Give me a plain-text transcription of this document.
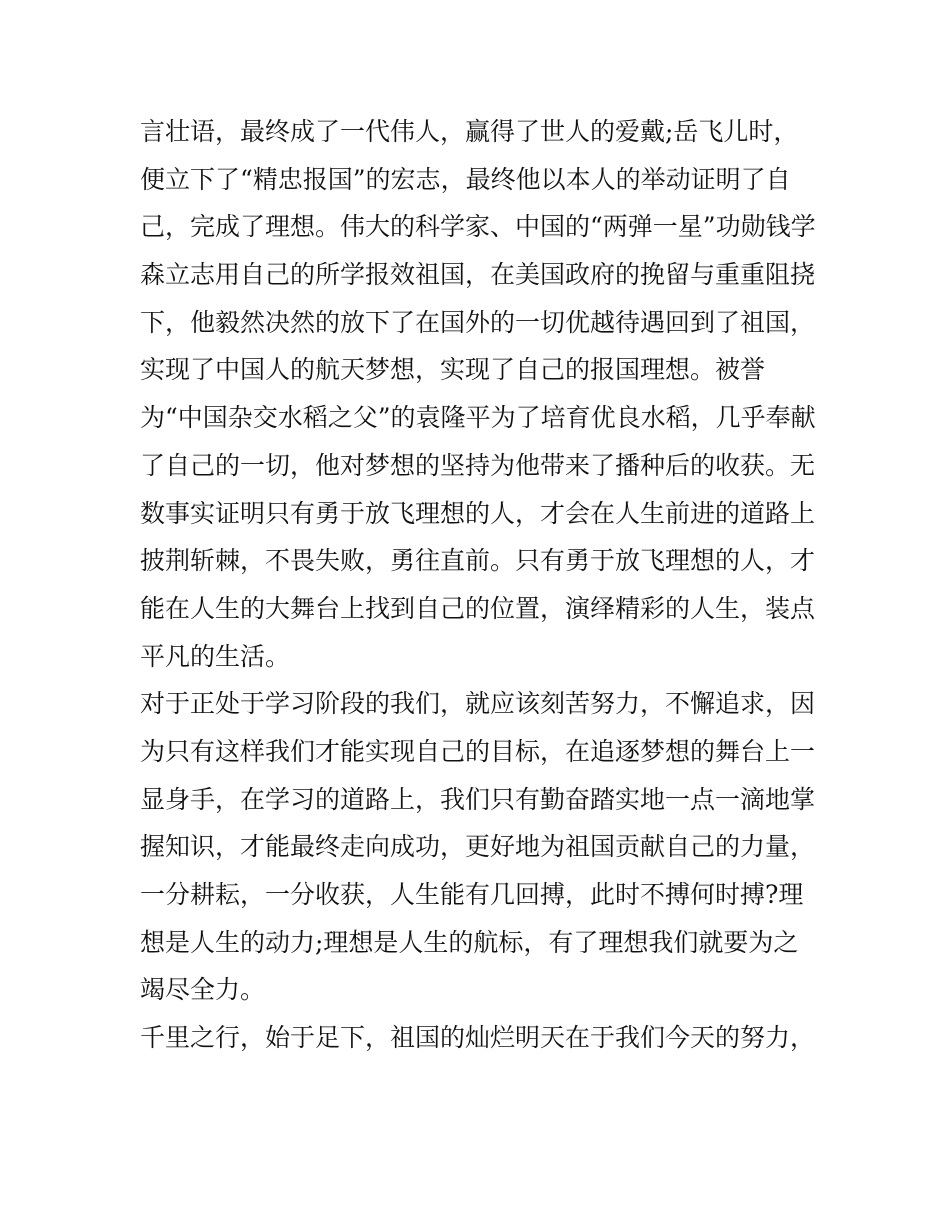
言壮语，最终成了一代伟人，赢得了世人的爱戴;岳飞儿时，
便立下了“精忠报国”的宏志，最终他以本人的举动证明了自
己，完成了理想。伟大的科学家、中国的“两弹一星”功勋钱学
森立志用自己的所学报效祖国，在美国政府的挽留与重重阻挠
下，他毅然决然的放下了在国外的一切优越待遇回到了祖国，
实现了中国人的航天梦想，实现了自己的报国理想。被誉
为“中国杂交水稻之父”的袁隆平为了培育优良水稻，几乎奉献
了自己的一切，他对梦想的坚持为他带来了播种后的收获。无
数事实证明只有勇于放飞理想的人，才会在人生前进的道路上
披荆斩棘，不畏失败，勇往直前。只有勇于放飞理想的人，才
能在人生的大舞台上找到自己的位置，演绎精彩的人生，装点
平凡的生活。
对于正处于学习阶段的我们，就应该刻苦努力，不懈追求，因
为只有这样我们才能实现自己的目标，在追逐梦想的舞台上一
显身手，在学习的道路上，我们只有勤奋踏实地一点一滴地掌
握知识，才能最终走向成功，更好地为祖国贡献自己的力量，
一分耕耘，一分收获，人生能有几回搏，此时不搏何时搏?理
想是人生的动力;理想是人生的航标，有了理想我们就要为之
竭尽全力。
千里之行，始于足下，祖国的灿烂明天在于我们今天的努力，
